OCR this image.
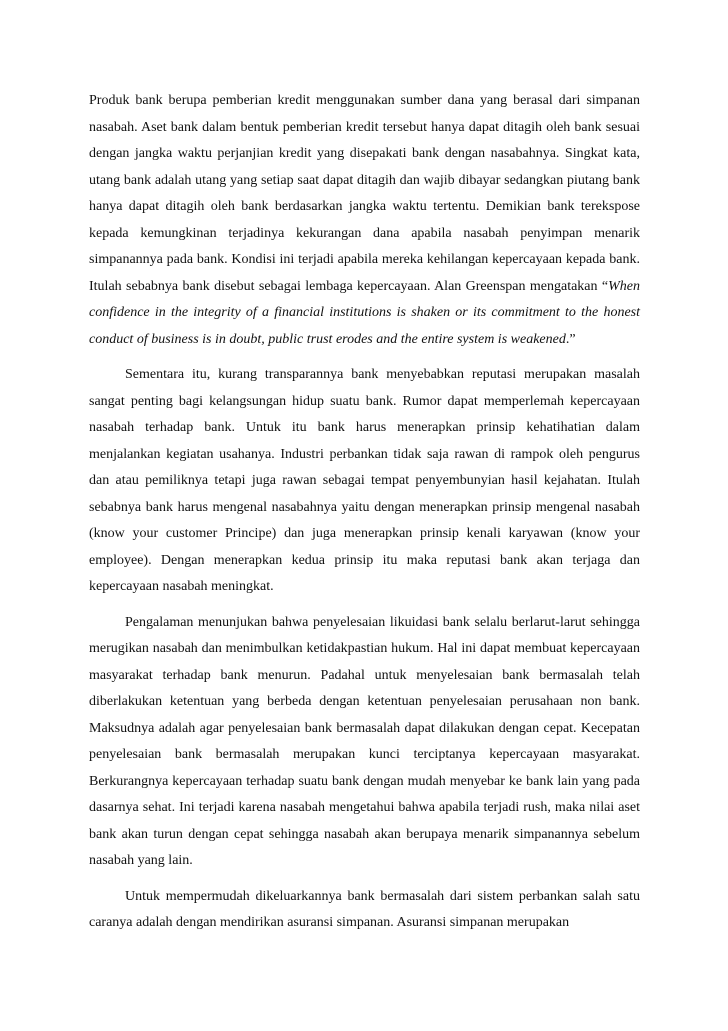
Produk bank berupa pemberian kredit menggunakan sumber dana yang berasal dari simpanan nasabah. Aset bank dalam bentuk pemberian kredit tersebut hanya dapat ditagih oleh bank sesuai dengan jangka waktu perjanjian kredit yang disepakati bank dengan nasabahnya. Singkat kata, utang bank adalah utang yang setiap saat dapat ditagih dan wajib dibayar sedangkan piutang bank hanya dapat ditagih oleh bank berdasarkan jangka waktu tertentu. Demikian bank terekspose kepada kemungkinan terjadinya kekurangan dana apabila nasabah penyimpan menarik simpanannya pada bank. Kondisi ini terjadi apabila mereka kehilangan kepercayaan kepada bank. Itulah sebabnya bank disebut sebagai lembaga kepercayaan. Alan Greenspan mengatakan “When confidence in the integrity of a financial institutions is shaken or its commitment to the honest conduct of business is in doubt, public trust erodes and the entire system is weakened.”

Sementara itu, kurang transparannya bank menyebabkan reputasi merupakan masalah sangat penting bagi kelangsungan hidup suatu bank. Rumor dapat memperlemah kepercayaan nasabah terhadap bank. Untuk itu bank harus menerapkan prinsip kehatihatian dalam menjalankan kegiatan usahanya. Industri perbankan tidak saja rawan di rampok oleh pengurus dan atau pemiliknya tetapi juga rawan sebagai tempat penyembunyian hasil kejahatan. Itulah sebabnya bank harus mengenal nasabahnya yaitu dengan menerapkan prinsip mengenal nasabah (know your customer Principe) dan juga menerapkan prinsip kenali karyawan (know your employee). Dengan menerapkan kedua prinsip itu maka reputasi bank akan terjaga dan kepercayaan nasabah meningkat.

Pengalaman menunjukan bahwa penyelesaian likuidasi bank selalu berlarut-larut sehingga merugikan nasabah dan menimbulkan ketidakpastian hukum. Hal ini dapat membuat kepercayaan masyarakat terhadap bank menurun. Padahal untuk menyelesaian bank bermasalah telah diberlakukan ketentuan yang berbeda dengan ketentuan penyelesaian perusahaan non bank. Maksudnya adalah agar penyelesaian bank bermasalah dapat dilakukan dengan cepat. Kecepatan penyelesaian bank bermasalah merupakan kunci terciptanya kepercayaan masyarakat. Berkurangnya kepercayaan terhadap suatu bank dengan mudah menyebar ke bank lain yang pada dasarnya sehat. Ini terjadi karena nasabah mengetahui bahwa apabila terjadi rush, maka nilai aset bank akan turun dengan cepat sehingga nasabah akan berupaya menarik simpanannya sebelum nasabah yang lain.

Untuk mempermudah dikeluarkannya bank bermasalah dari sistem perbankan salah satu caranya adalah dengan mendirikan asuransi simpanan. Asuransi simpanan merupakan
